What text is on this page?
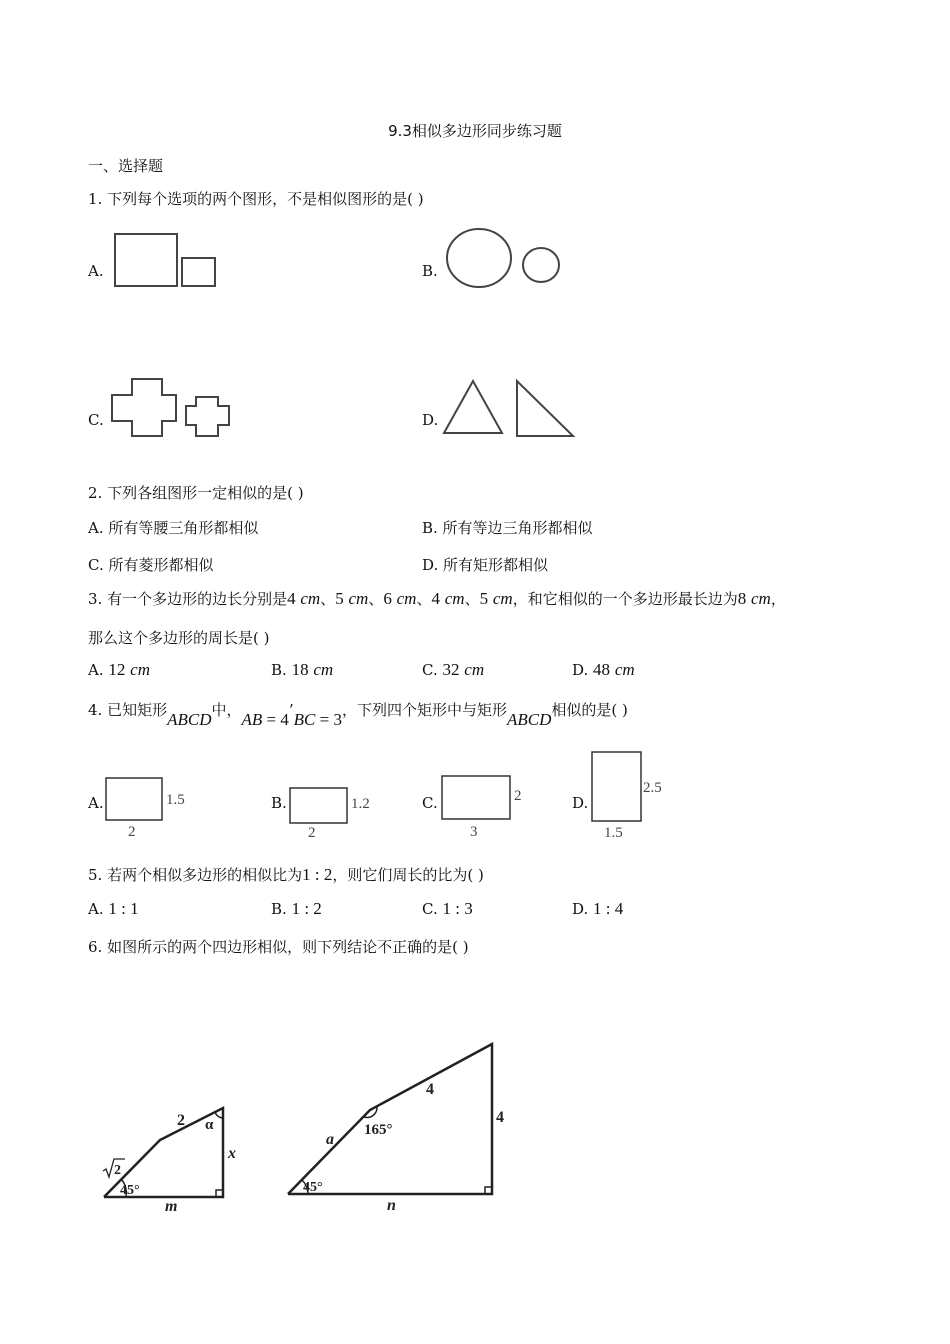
9.3相似多边形同步练习题
一、选择题
1. 下列每个选项的两个图形，不是相似图形的是( )
A.	B.
C.	D.
2. 下列各组图形一定相似的是( )
A. 所有等腰三角形都相似	B. 所有等边三角形都相似
C. 所有菱形都相似	D. 所有矩形都相似
3. 有一个多边形的边长分别是4 cm、5 cm、6 cm、4 cm、5 cm，和它相似的一个多边形最长边为8 cm，
那么这个多边形的周长是( )
A. 12 cm	B. 18 cm	C. 32 cm	D. 48 cm
4. 已知矩形ABCD中，AB = 4’BC = 3，下列四个矩形中与矩形ABCD相似的是( )
A.	1.5
2
B.	1.2
2
C.	2
3
D.
2.5
1.5
5. 若两个相似多边形的相似比为1 : 2，则它们周长的比为( )
A. 1 : 1	B. 1 : 2	C. 1 : 3	D. 1 : 4
6. 如图所示的两个四边形相似，则下列结论不正确的是( )
2 α
x
2
45°
m
4
4
a
165°
45°
n
